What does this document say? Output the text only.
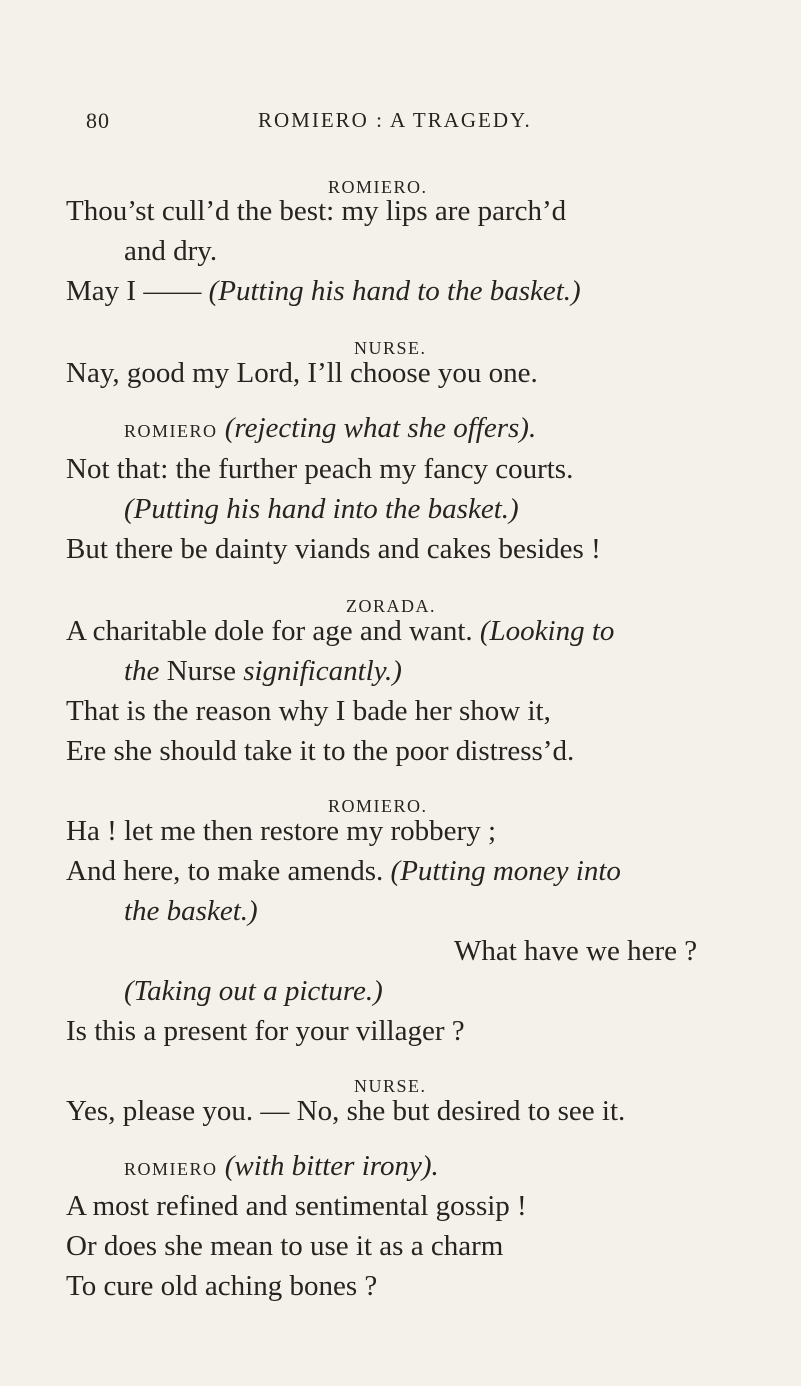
80	ROMIERO : A TRAGEDY.
ROMIERO.
Thou’st cull’d the best: my lips are parch’d
and dry.
May I —— (Putting his hand to the basket.)
NURSE.
Nay, good my Lord, I’ll choose you one.
ROMIERO (rejecting what she offers).
Not that: the further peach my fancy courts.
(Putting his hand into the basket.)
But there be dainty viands and cakes besides !
ZORADA.
A charitable dole for age and want. (Looking to
the Nurse significantly.)
That is the reason why I bade her show it,
Ere she should take it to the poor distress’d.
ROMIERO.
Ha ! let me then restore my robbery ;
And here, to make amends. (Putting money into
the basket.)
What have we here ?
(Taking out a picture.)
Is this a present for your villager ?
NURSE.
Yes, please you. — No, she but desired to see it.
ROMIERO (with bitter irony).
A most refined and sentimental gossip !
Or does she mean to use it as a charm
To cure old aching bones ?
